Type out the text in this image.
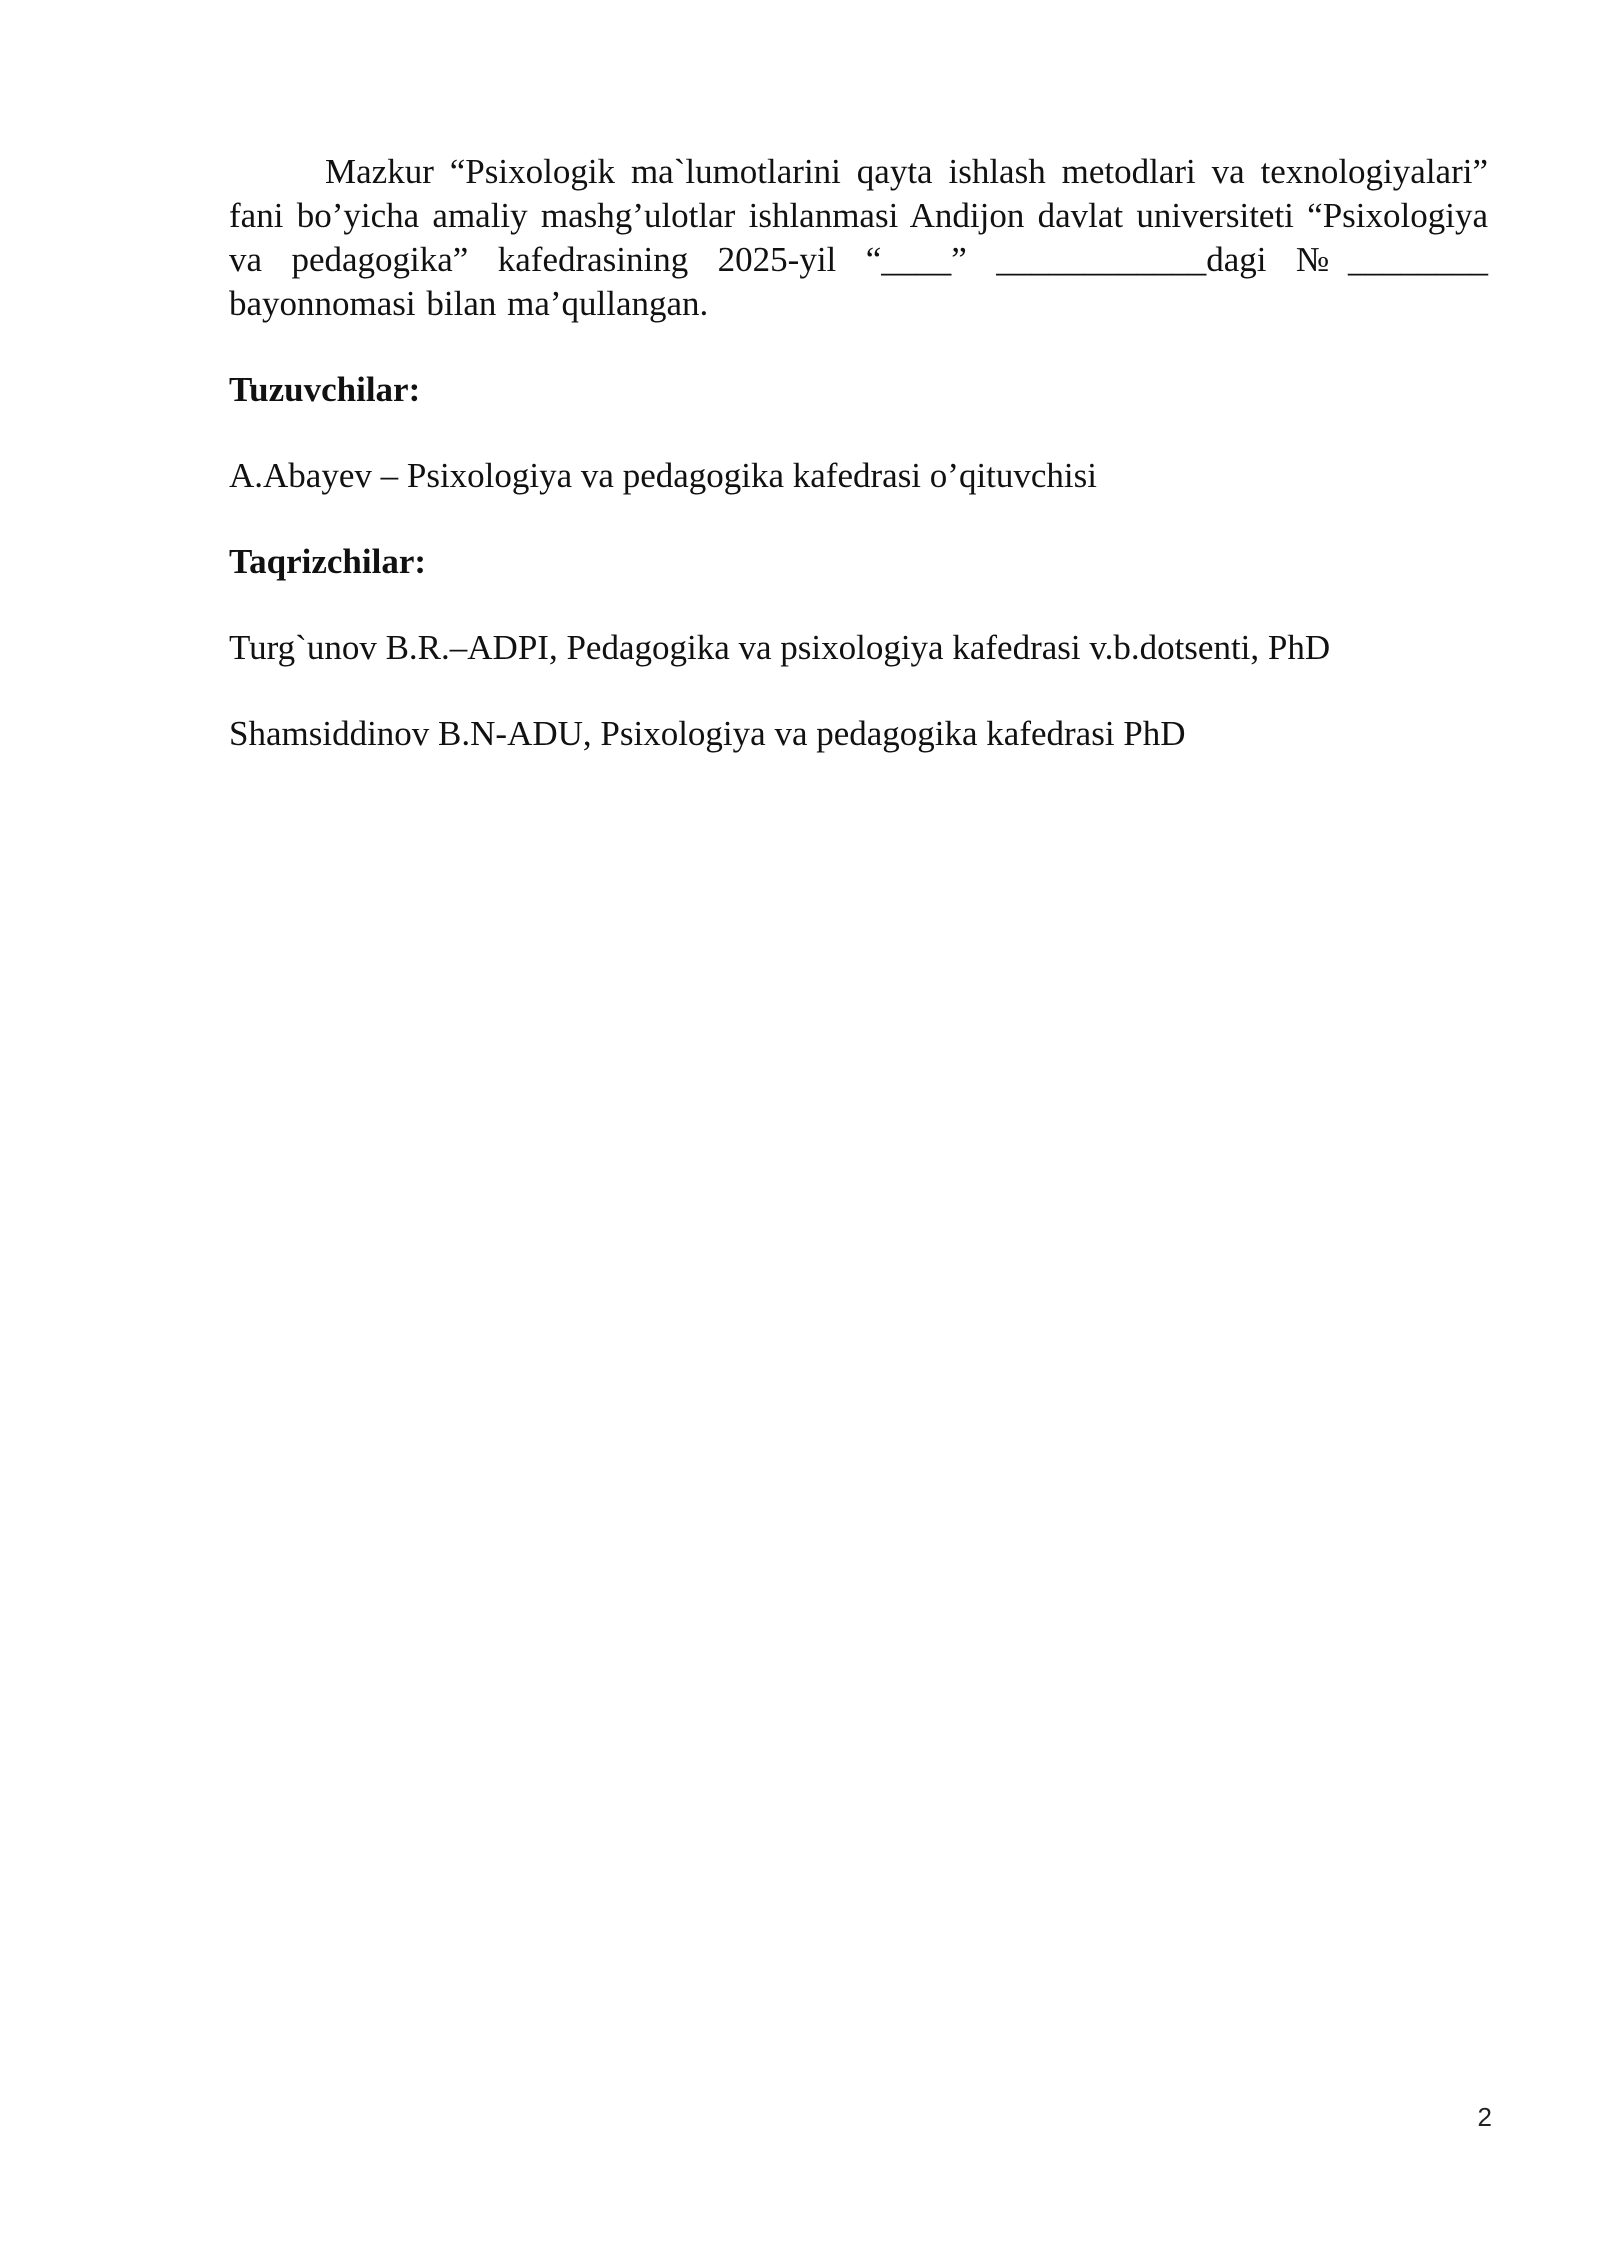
Mazkur “Psixologik ma`lumotlarini qayta ishlash metodlari va texnologiyalari” fani bo’yicha amaliy mashg’ulotlar ishlanmasi Andijon davlat universiteti “Psixologiya va pedagogika” kafedrasining 2025-yil “____” ____________dagi №________ bayonnomasi bilan ma’qullangan.

Tuzuvchilar:

A.Abayev – Psixologiya va pedagogika kafedrasi o’qituvchisi

Taqrizchilar:

Turg`unov B.R.–ADPI, Pedagogika va psixologiya kafedrasi v.b.dotsenti, PhD

Shamsiddinov B.N-ADU, Psixologiya va pedagogika kafedrasi PhD

2
